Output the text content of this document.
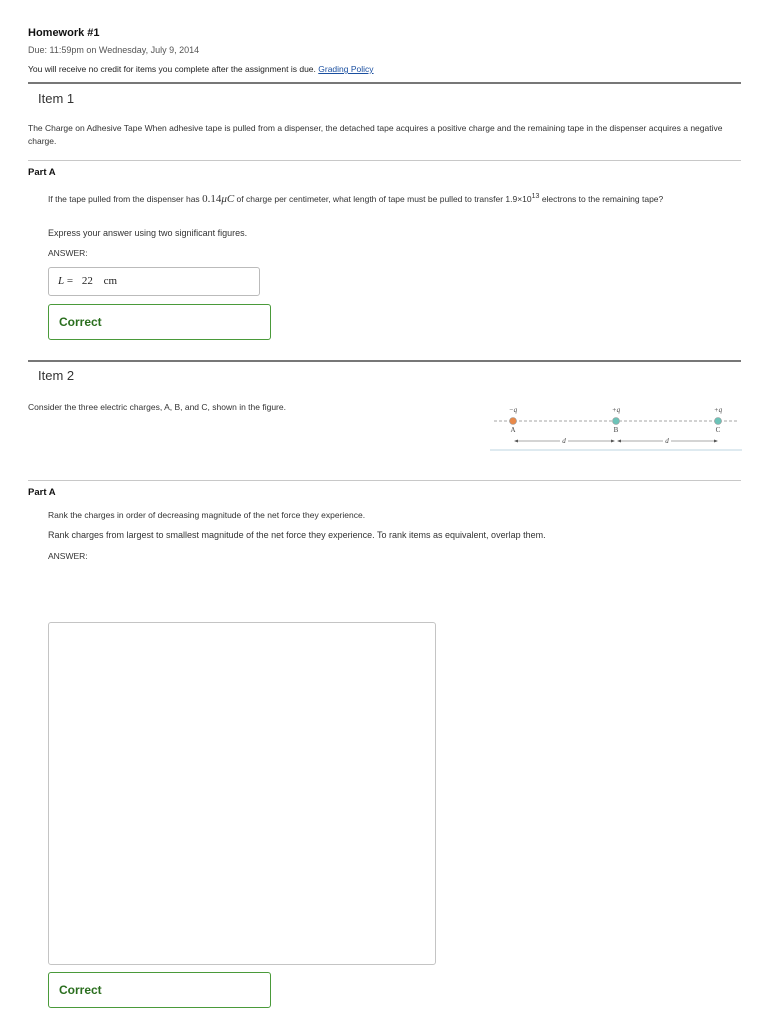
Homework #1
Due: 11:59pm on Wednesday, July 9, 2014
You will receive no credit for items you complete after the assignment is due. Grading Policy
Item 1
The Charge on Adhesive Tape When adhesive tape is pulled from a dispenser, the detached tape acquires a positive charge and the remaining tape in the dispenser acquires a negative charge.
Part A
If the tape pulled from the dispenser has 0.14μC of charge per centimeter, what length of tape must be pulled to transfer $1.9\times 10^{13}$ electrons to the remaining tape?
Express your answer using two significant figures.
ANSWER:
L = 22 cm
Correct
Item 2
Consider the three electric charges, A, B, and C, shown in the figure.	−q	+q	+q
A	B	C
d	d
Part A
Rank the charges in order of decreasing magnitude of the net force they experience.
Rank charges from largest to smallest magnitude of the net force they experience. To rank items as equivalent, overlap them.
ANSWER:
Correct
